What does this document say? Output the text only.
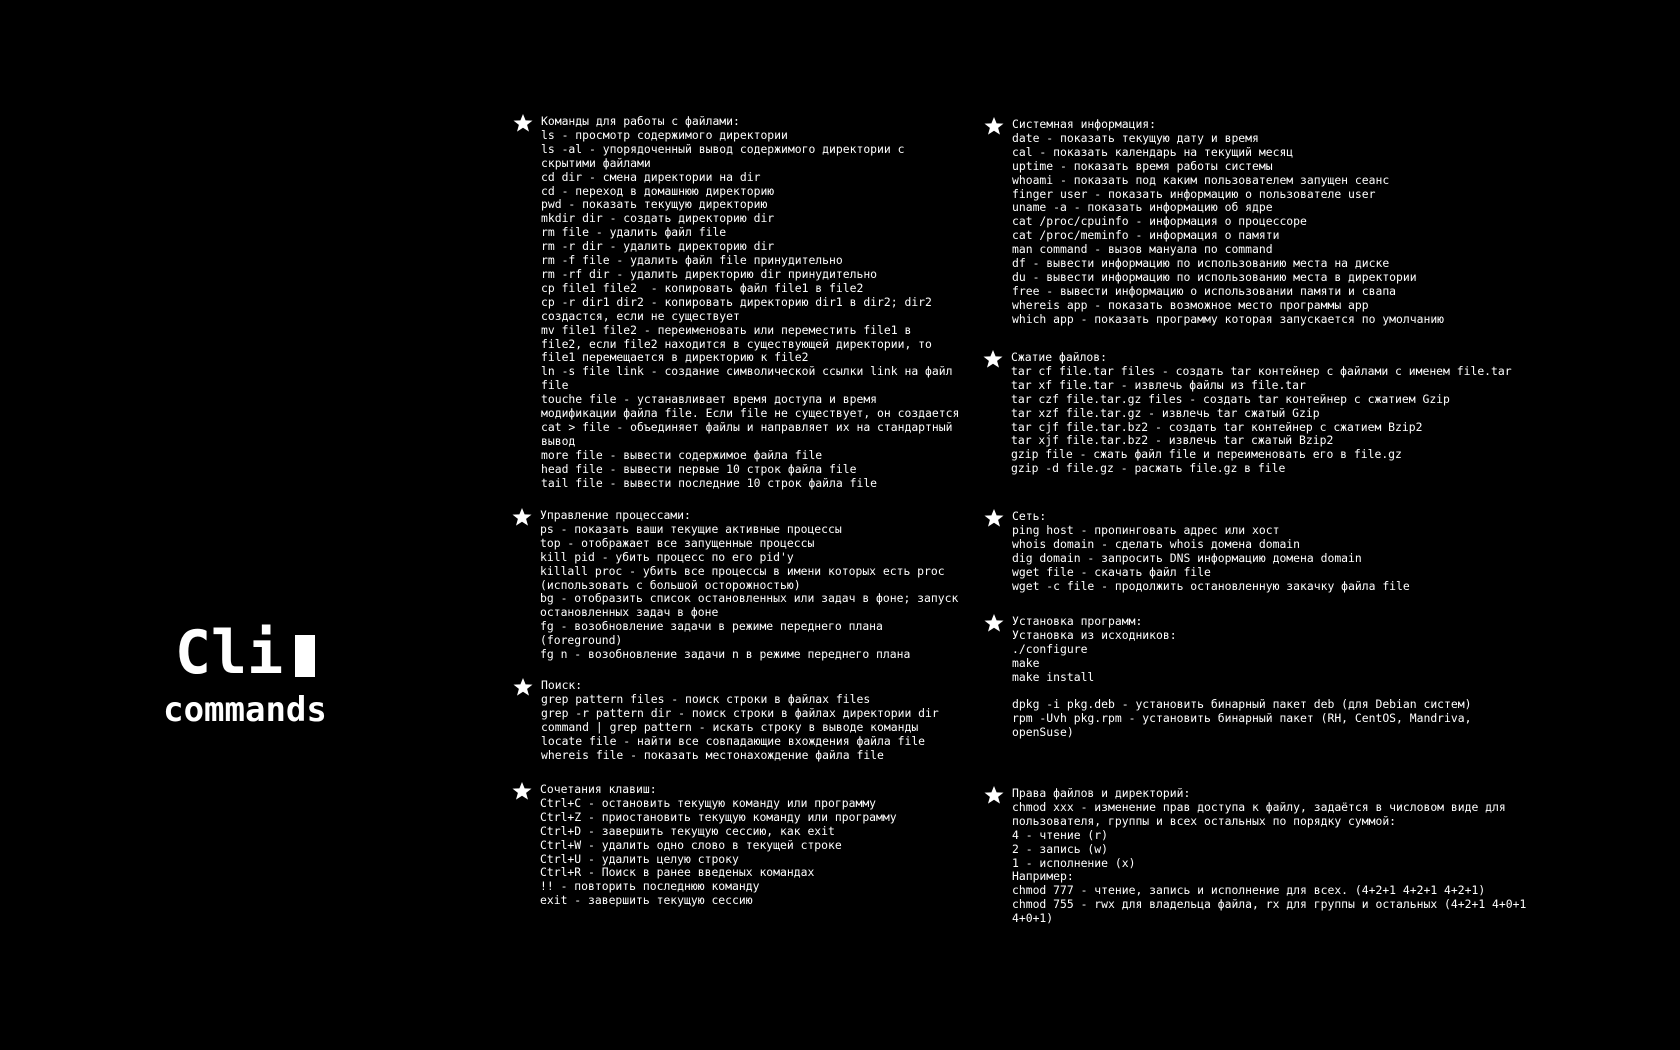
Cli
commands
Команды для работы с файлами:
ls - просмотр содержимого директории
ls -al - упорядоченный вывод содержимого директории с
скрытими файлами
cd dir - смена директории на dir
cd - переход в домашнюю директорию
pwd - показать текущую директорию
mkdir dir - создать директорию dir
rm file - удалить файл file
rm -r dir - удалить директорию dir
rm -f file - удалить файл file принудительно
rm -rf dir - удалить директорию dir принудительно
cp file1 file2  - копировать файл file1 в file2
cp -r dir1 dir2 - копировать директорию dir1 в dir2; dir2
создастся, если не существует
mv file1 file2 - переименовать или переместить file1 в
file2, если file2 находится в существующей директории, то
file1 перемещается в директорию к file2
ln -s file link - создание символической ссылки link на файл
file
touche file - устанавливает время доступа и время
модификации файла file. Если file не существует, он создается
cat > file - объединяет файлы и направляет их на стандартный
вывод
more file - вывести содержимое файла file
head file - вывести первые 10 строк файла file
tail file - вывести последние 10 строк файла file
Управление процессами:
ps - показать ваши текущие активные процессы
top - отображает все запущенные процессы
kill pid - убить процесс по его pid'у
killall proc - убить все процессы в имени которых есть proc
(использовать с большой осторожностью)
bg - отобразить список остановленных или задач в фоне; запуск
остановленных задач в фоне
fg - возобновление задачи в режиме переднего плана
(foreground)
fg n - возобновление задачи n в режиме переднего плана
Поиск:
grep pattern files - поиск строки в файлах files
grep -r pattern dir - поиск строки в файлах директории dir
command | grep pattern - искать строку в выводе команды
locate file - найти все совпадающие вхождения файла file
whereis file - показать местонахождение файла file
Сочетания клавиш:
Ctrl+C - остановить текущую команду или программу
Ctrl+Z - приостановить текущую команду или программу
Ctrl+D - завершить текущую сессию, как exit
Ctrl+W - удалить одно слово в текущей строке
Ctrl+U - удалить целую строку
Ctrl+R - Поиск в ранее введеных командах
!! - повторить последнюю команду
exit - завершить текущую сессию
Системная информация:
date - показать текущую дату и время
cal - показать календарь на текущий месяц
uptime - показать время работы системы
whoami - показать под каким пользователем запущен сеанс
finger user - показать информацию о пользователе user
uname -a - показать информацию об ядре
cat /proc/cpuinfo - информация о процессоре
cat /proc/meminfo - информация о памяти
man command - вызов мануала по command
df - вывести информацию по использованию места на диске
du - вывести информацию по использованию места в директории
free - вывести информацию о использовании памяти и свапа
whereis app - показать возможное место программы app
which app - показать программу которая запускается по умолчанию
Сжатие файлов:
tar cf file.tar files - создать tar контейнер с файлами с именем file.tar
tar xf file.tar - извлечь файлы из file.tar
tar czf file.tar.gz files - создать tar контейнер с сжатием Gzip
tar xzf file.tar.gz - извлечь tar сжатый Gzip
tar cjf file.tar.bz2 - создать tar контейнер с сжатием Bzip2
tar xjf file.tar.bz2 - извлечь tar сжатый Bzip2
gzip file - сжать файл file и переименовать его в file.gz
gzip -d file.gz - расжать file.gz в file
Сеть:
ping host - пропинговать адрес или хост
whois domain - сделать whois домена domain
dig domain - запросить DNS информацию домена domain
wget file - скачать файл file
wget -c file - продолжить остановленную закачку файла file
Установка программ:
Установка из исходников:
./configure
make
make install

dpkg -i pkg.deb - установить бинарный пакет deb (для Debian систем)
rpm -Uvh pkg.rpm - установить бинарный пакет (RH, CentOS, Mandriva,
openSuse)
Права файлов и директорий:
chmod xxx - изменение прав доступа к файлу, задаётся в числовом виде для
пользователя, группы и всех остальных по порядку суммой:
4 - чтение (r)
2 - запись (w)
1 - исполнение (x)
Например:
chmod 777 - чтение, запись и исполнение для всех. (4+2+1 4+2+1 4+2+1)
chmod 755 - rwx для владельца файла, rx для группы и остальных (4+2+1 4+0+1
4+0+1)
